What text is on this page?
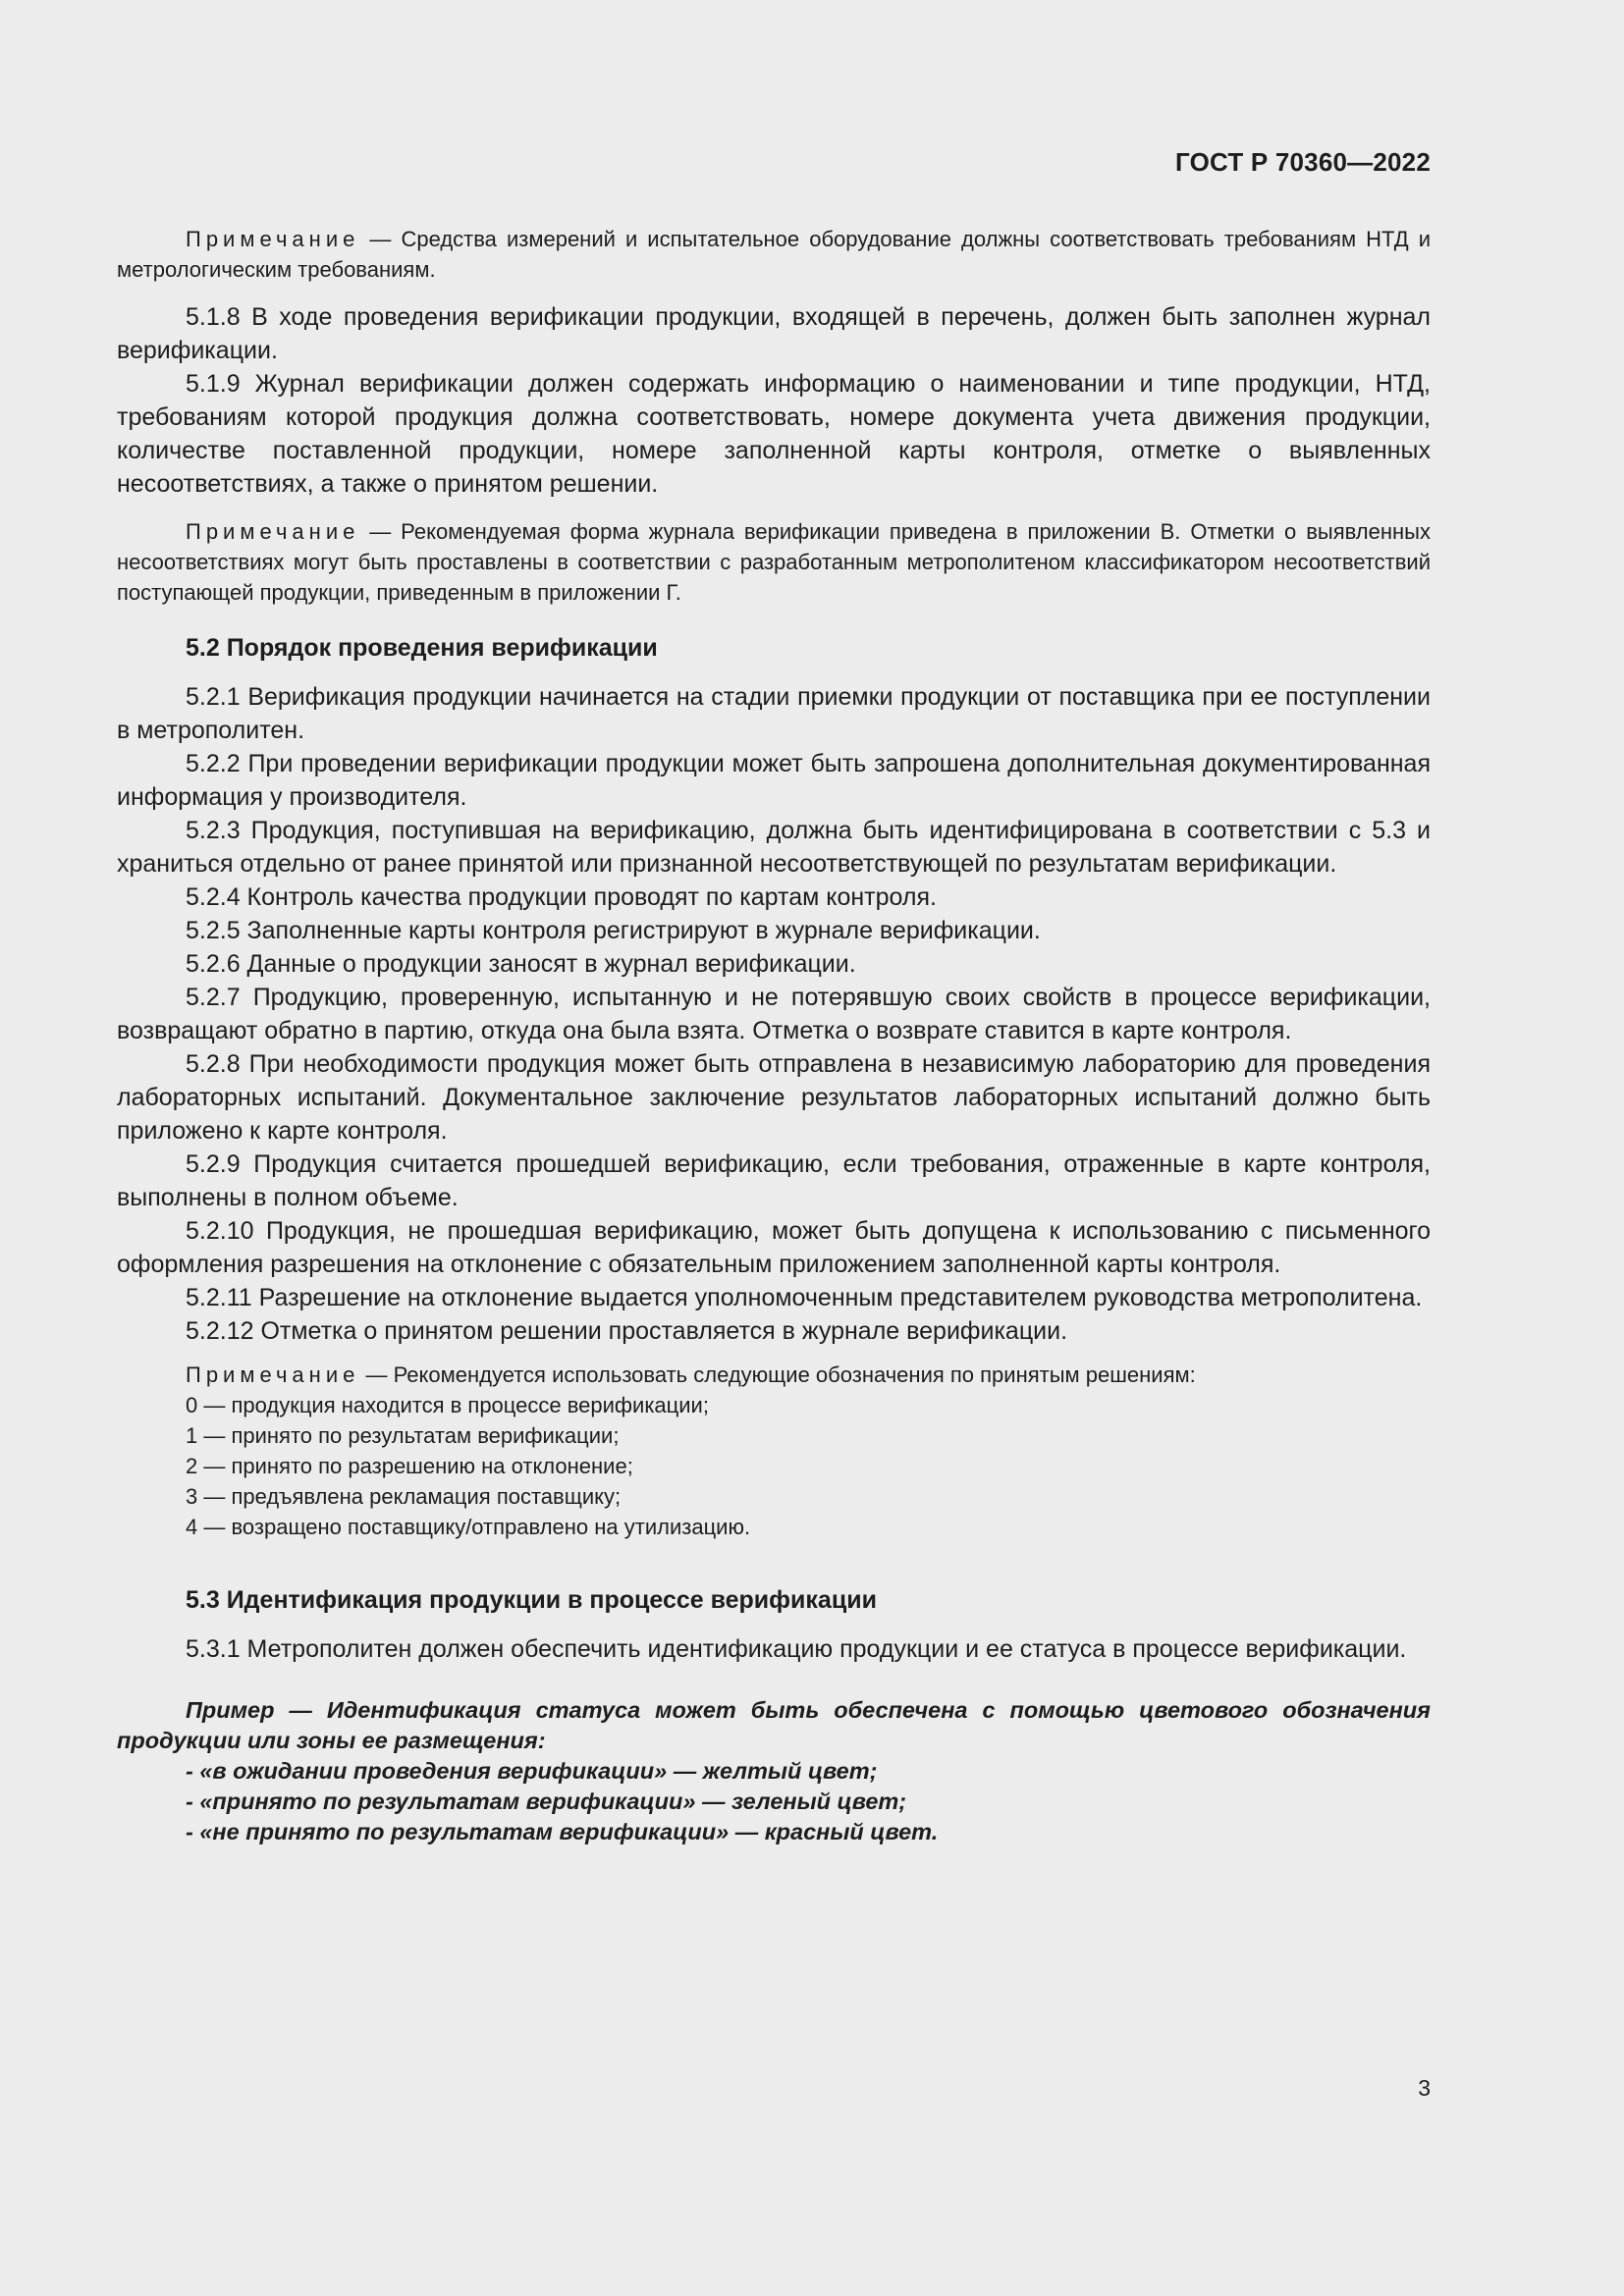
ГОСТ Р 70360—2022

Примечание — Средства измерений и испытательное оборудование должны соответствовать требованиям НТД и метрологическим требованиям.

5.1.8 В ходе проведения верификации продукции, входящей в перечень, должен быть заполнен журнал верификации.

5.1.9 Журнал верификации должен содержать информацию о наименовании и типе продукции, НТД, требованиям которой продукция должна соответствовать, номере документа учета движения продукции, количестве поставленной продукции, номере заполненной карты контроля, отметке о выявленных несоответствиях, а также о принятом решении.

Примечание — Рекомендуемая форма журнала верификации приведена в приложении В. Отметки о выявленных несоответствиях могут быть проставлены в соответствии с разработанным метрополитеном классификатором несоответствий поступающей продукции, приведенным в приложении Г.

5.2 Порядок проведения верификации

5.2.1 Верификация продукции начинается на стадии приемки продукции от поставщика при ее поступлении в метрополитен.

5.2.2 При проведении верификации продукции может быть запрошена дополнительная документированная информация у производителя.

5.2.3 Продукция, поступившая на верификацию, должна быть идентифицирована в соответствии с 5.3 и храниться отдельно от ранее принятой или признанной несоответствующей по результатам верификации.

5.2.4 Контроль качества продукции проводят по картам контроля.

5.2.5 Заполненные карты контроля регистрируют в журнале верификации.

5.2.6 Данные о продукции заносят в журнал верификации.

5.2.7 Продукцию, проверенную, испытанную и не потерявшую своих свойств в процессе верификации, возвращают обратно в партию, откуда она была взята. Отметка о возврате ставится в карте контроля.

5.2.8 При необходимости продукция может быть отправлена в независимую лабораторию для проведения лабораторных испытаний. Документальное заключение результатов лабораторных испытаний должно быть приложено к карте контроля.

5.2.9 Продукция считается прошедшей верификацию, если требования, отраженные в карте контроля, выполнены в полном объеме.

5.2.10 Продукция, не прошедшая верификацию, может быть допущена к использованию с письменного оформления разрешения на отклонение с обязательным приложением заполненной карты контроля.

5.2.11 Разрешение на отклонение выдается уполномоченным представителем руководства метрополитена.

5.2.12 Отметка о принятом решении проставляется в журнале верификации.

Примечание — Рекомендуется использовать следующие обозначения по принятым решениям:
0 — продукция находится в процессе верификации;
1 — принято по результатам верификации;
2 — принято по разрешению на отклонение;
3 — предъявлена рекламация поставщику;
4 — возращено поставщику/отправлено на утилизацию.
5.3 Идентификация продукции в процессе верификации

5.3.1 Метрополитен должен обеспечить идентификацию продукции и ее статуса в процессе верификации.

Пример — Идентификация статуса может быть обеспечена с помощью цветового обозначения продукции или зоны ее размещения:

- «в ожидании проведения верификации» — желтый цвет;
- «принято по результатам верификации» — зеленый цвет;
- «не принято по результатам верификации» — красный цвет.
3
